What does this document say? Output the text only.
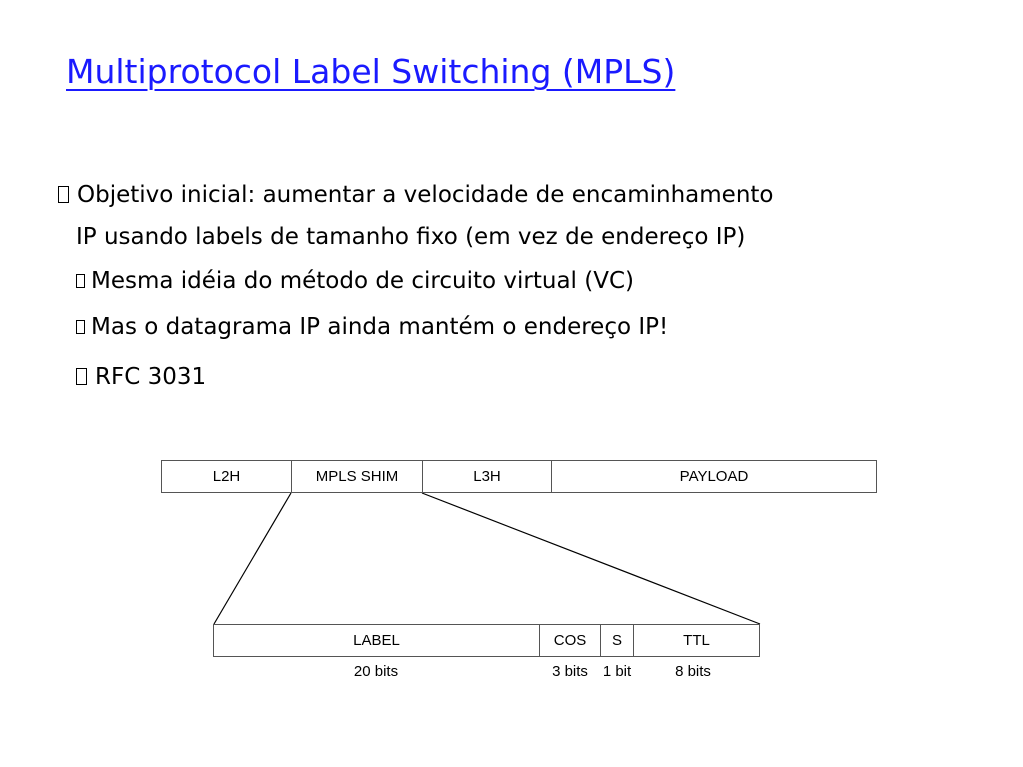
Multiprotocol Label Switching (MPLS)
Objetivo inicial: aumentar a velocidade de encaminhamento
IP usando labels de tamanho fixo (em vez de endereço IP)
Mesma idéia do método de circuito virtual (VC)
Mas o datagrama IP ainda mantém o endereço IP!
RFC 3031
L2H	MPLS SHIM	L3H	PAYLOAD
LABEL	COS	S	TTL
20 bits	3 bits 1 bit	8 bits
